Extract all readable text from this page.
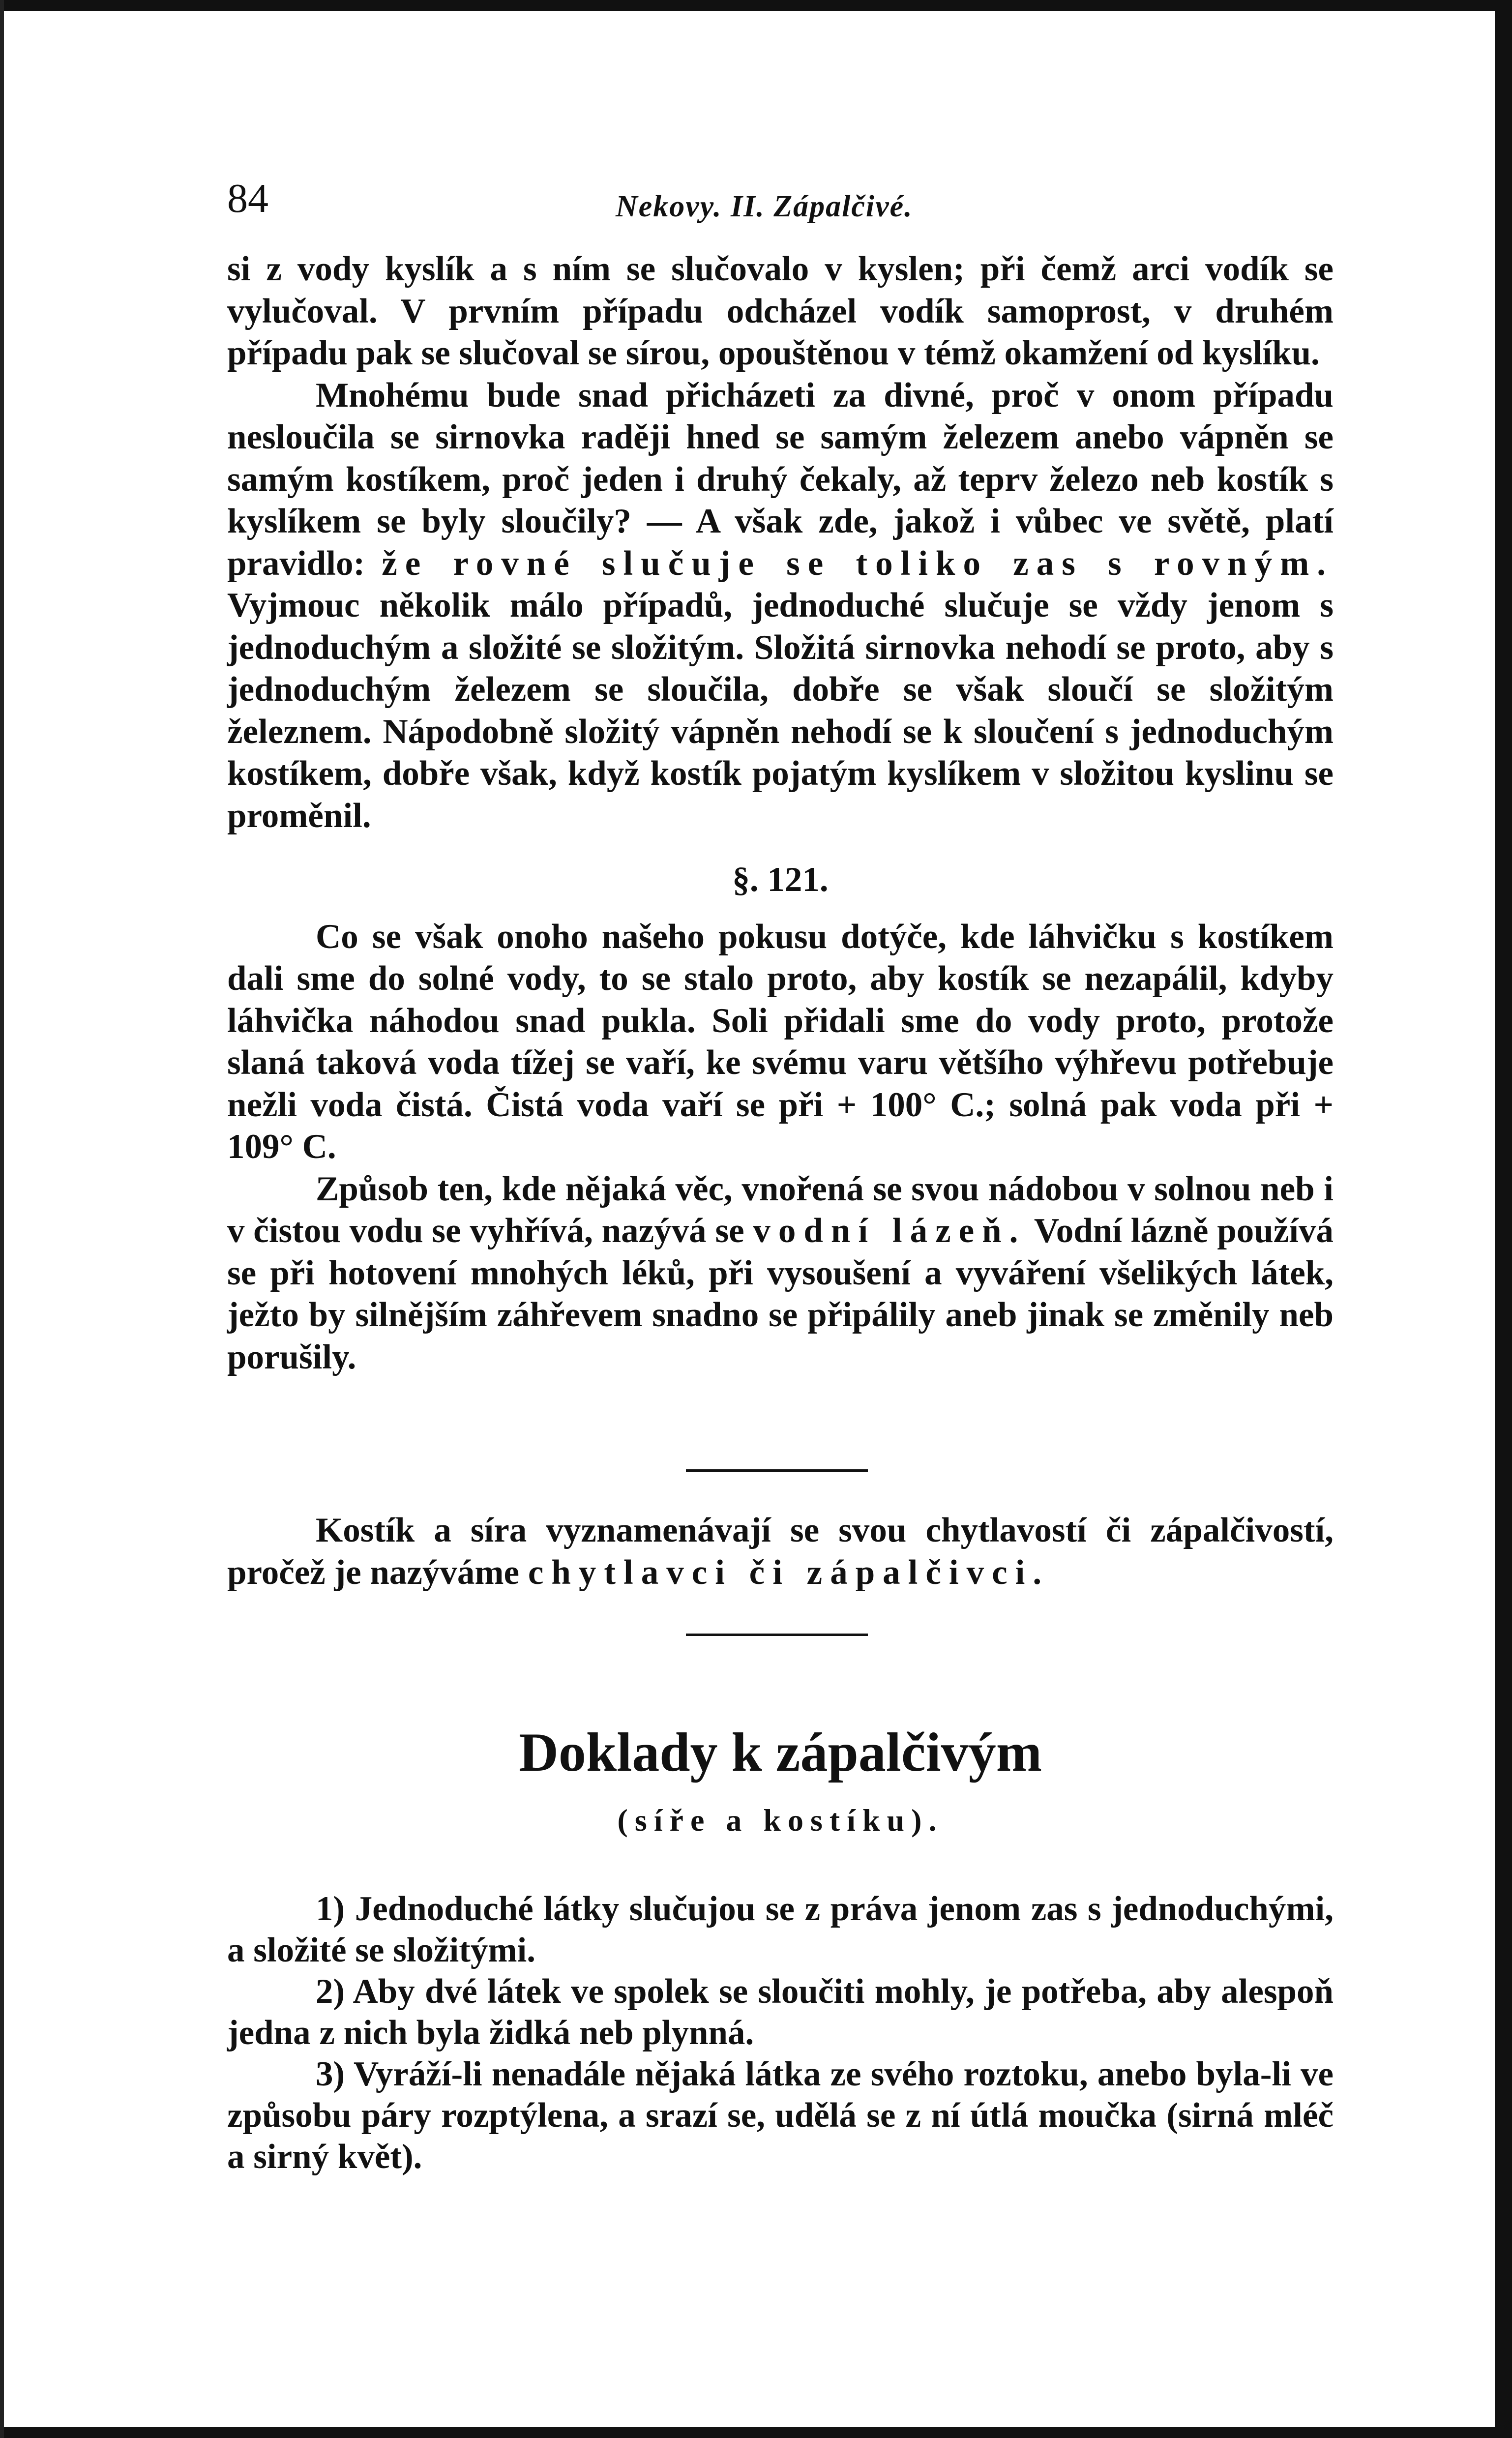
84	Nekovy. II. Zápalčivé.

si z vody kyslík a s ním se slučovalo v kyslen; při čemž arci vodík se vylučoval. V prvním případu odcházel vodík samoprost, v druhém případu pak se slučoval se sírou, opouštěnou v témž okamžení od kyslíku.

Mnohému bude snad přicházeti za divné, proč v onom případu nesloučila se sirnovka raději hned se samým železem anebo vápněn se samým kostíkem, proč jeden i druhý čekaly, až teprv železo neb kostík s kyslíkem se byly sloučily? — A však zde, jakož i vůbec ve světě, platí pravidlo: že rovné slučuje se toliko zas s rovným. Vyjmouc několik málo případů, jednoduché slučuje se vždy jenom s jednoduchým a složité se složitým. Složitá sirnovka nehodí se proto, aby s jednoduchým železem se sloučila, dobře se však sloučí se složitým železnem. Nápodobně složitý vápněn nehodí se k sloučení s jednoduchým kostíkem, dobře však, když kostík pojatým kyslíkem v složitou kyslinu se proměnil.

§. 121.

Co se však onoho našeho pokusu dotýče, kde láhvičku s kostíkem dali sme do solné vody, to se stalo proto, aby kostík se nezapálil, kdyby láhvička náhodou snad pukla. Soli přidali sme do vody proto, protože slaná taková voda tížej se vaří, ke svému varu většího výhřevu potřebuje nežli voda čistá. Čistá voda vaří se při + 100° C.; solná pak voda při + 109° C.

Způsob ten, kde nějaká věc, vnořená se svou nádobou v solnou neb i v čistou vodu se vyhřívá, nazývá se vodní lázeň. Vodní lázně používá se při hotovení mnohých léků, při vysoušení a vyváření všelikých látek, ježto by silnějším záhřevem snadno se připálily aneb jinak se změnily neb porušily.

Kostík a síra vyznamenávají se svou chytlavostí či zápalčivostí, pročež je nazýváme chytlavci či zápalčivci.

Doklady k zápalčivým
(síře a kostíku).

1) Jednoduché látky slučujou se z práva jenom zas s jednoduchými, a složité se složitými.

2) Aby dvé látek ve spolek se sloučiti mohly, je potřeba, aby alespoň jedna z nich byla židká neb plynná.

3) Vyráží-li nenadále nějaká látka ze svého roztoku, anebo byla-li ve způsobu páry rozptýlena, a srazí se, udělá se z ní útlá moučka (sirná mléč a sirný květ).
